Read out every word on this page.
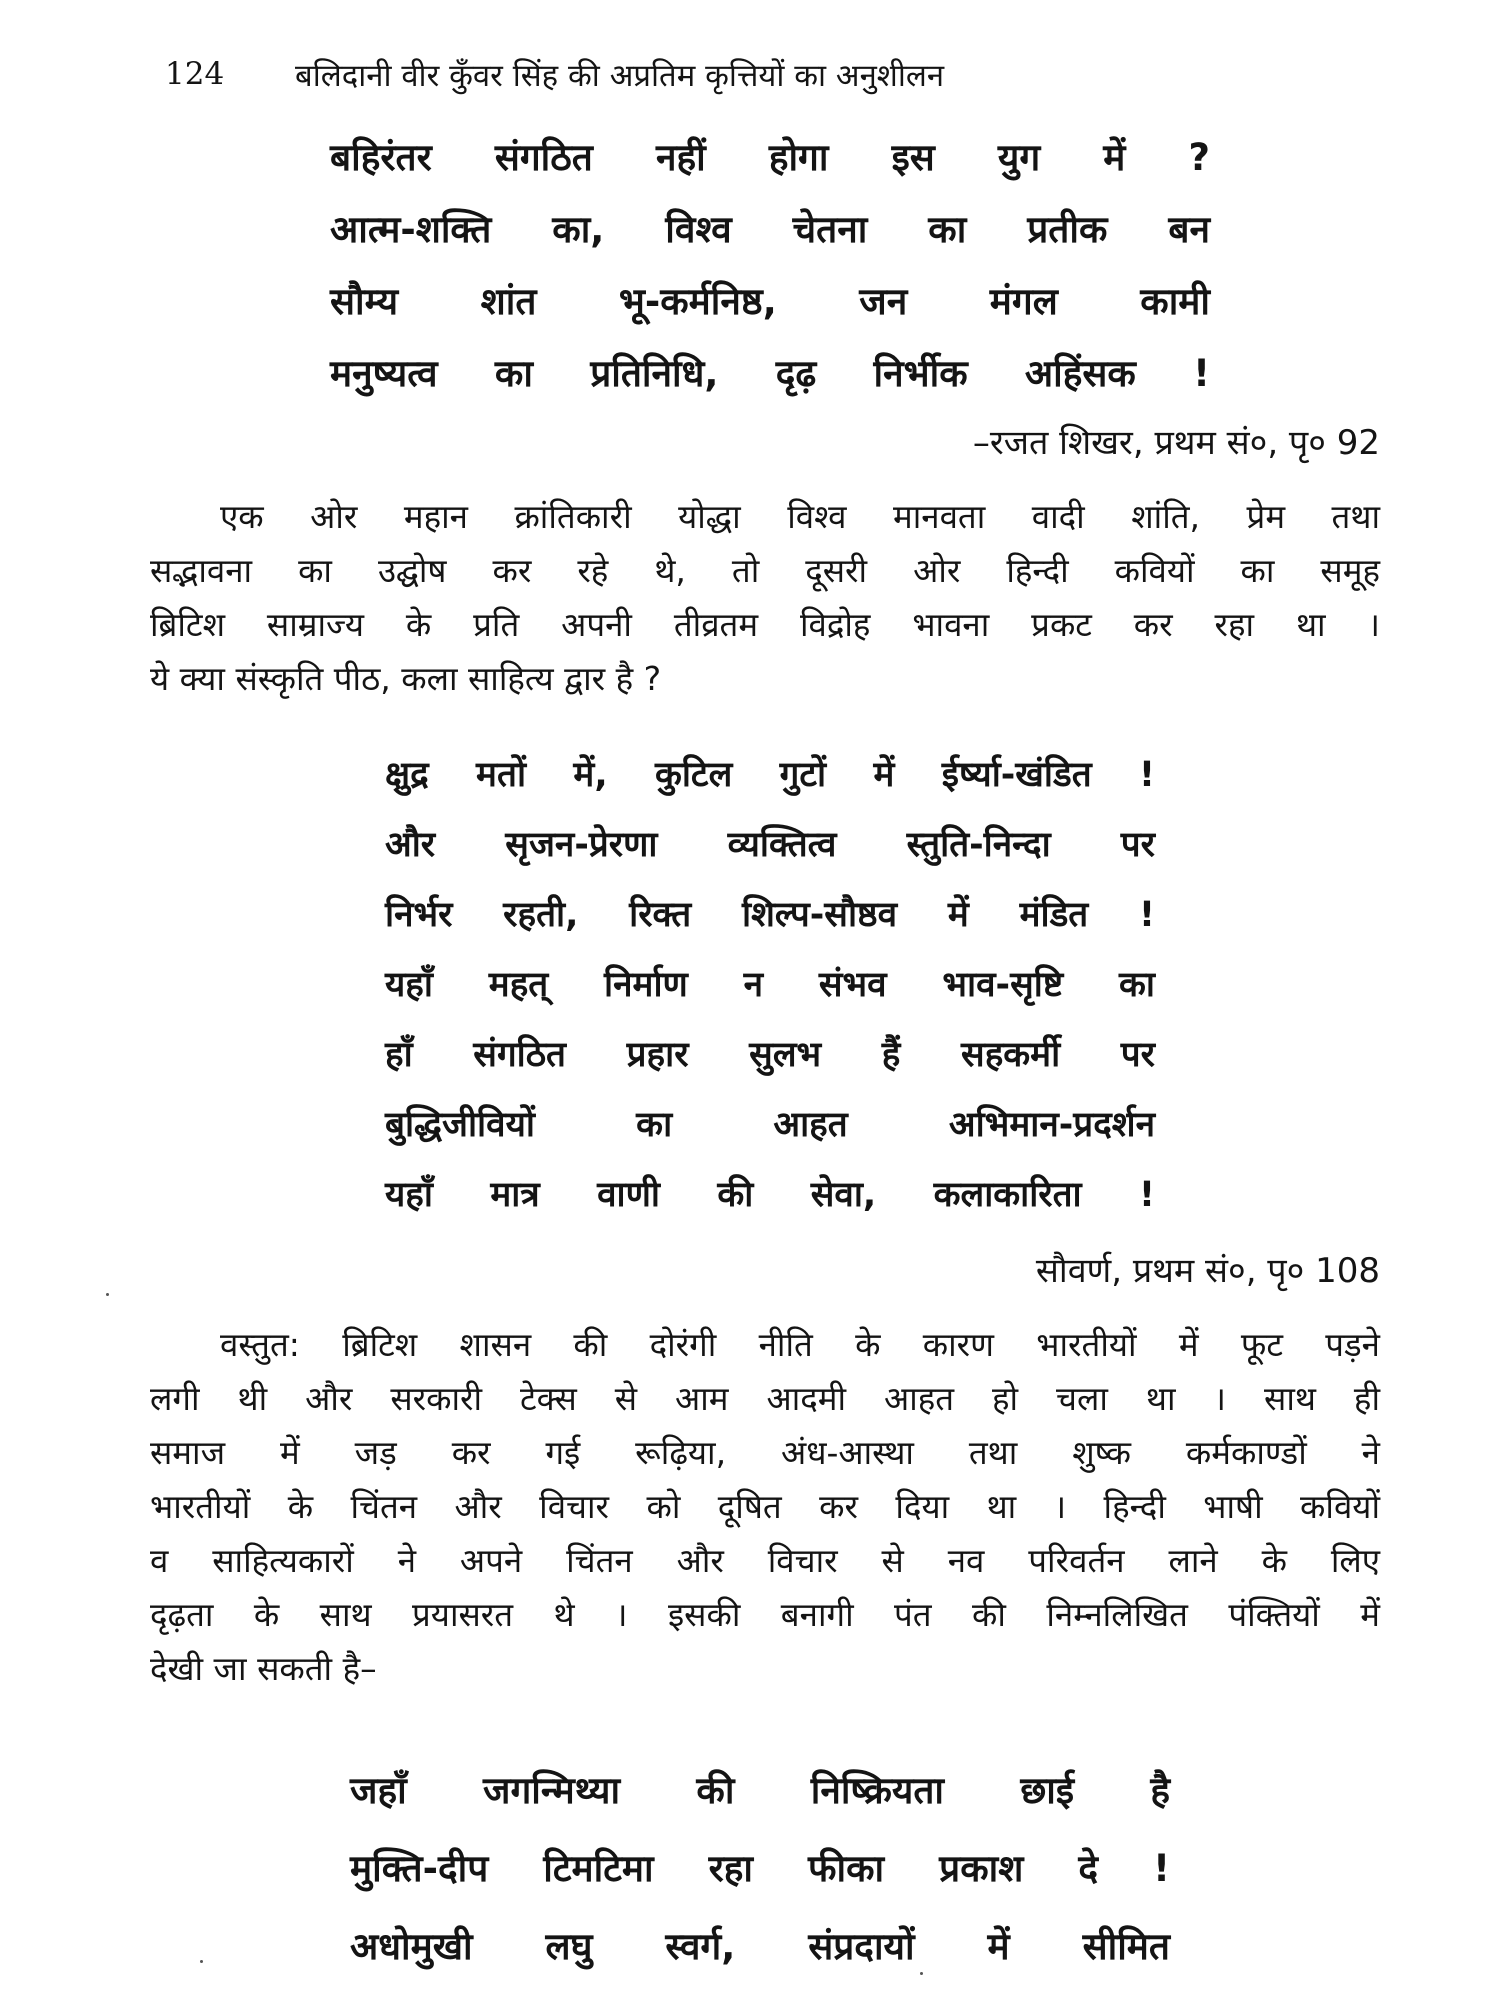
124 बलिदानी वीर कुँवर सिंह की अप्रतिम कृत्तियों का अनुशीलन
बहिरंतर संगठित नहीं होगा इस युग में ?
आत्म-शक्ति का, विश्व चेतना का प्रतीक बन
सौम्य शांत भू-कर्मनिष्ठ, जन मंगल कामी
मनुष्यत्व का प्रतिनिधि, दृढ़ निर्भीक अहिंसक !
–रजत शिखर, प्रथम सं०, पृ० 92
एक ओर महान क्रांतिकारी योद्धा विश्व मानवता वादी शांति, प्रेम तथा
सद्भावना का उद्घोष कर रहे थे, तो दूसरी ओर हिन्दी कवियों का समूह
ब्रिटिश साम्राज्य के प्रति अपनी तीव्रतम विद्रोह भावना प्रकट कर रहा था ।
ये क्या संस्कृति पीठ, कला साहित्य द्वार है ?
क्षुद्र मतों में, कुटिल गुटों में ईर्ष्या-खंडित !
और सृजन-प्रेरणा व्यक्तित्व स्तुति-निन्दा पर
निर्भर रहती, रिक्त शिल्प-सौष्ठव में मंडित !
यहाँ महत् निर्माण न संभव भाव-सृष्टि का
हाँ संगठित प्रहार सुलभ हैं सहकर्मी पर
बुद्धिजीवियों का आहत अभिमान-प्रदर्शन
यहाँ मात्र वाणी की सेवा, कलाकारिता !
सौवर्ण, प्रथम सं०, पृ० 108
वस्तुत: ब्रिटिश शासन की दोरंगी नीति के कारण भारतीयों में फूट पड़ने
लगी थी और सरकारी टेक्स से आम आदमी आहत हो चला था । साथ ही
समाज में जड़ कर गई रूढ़िया, अंध-आस्था तथा शुष्क कर्मकाण्डों ने
भारतीयों के चिंतन और विचार को दूषित कर दिया था । हिन्दी भाषी कवियों
व साहित्यकारों ने अपने चिंतन और विचार से नव परिवर्तन लाने के लिए
दृढ़ता के साथ प्रयासरत थे । इसकी बनागी पंत की निम्नलिखित पंक्तियों में
देखी जा सकती है–
जहाँ जगन्मिथ्या की निष्क्रियता छाई है
मुक्ति-दीप टिमटिमा रहा फीका प्रकाश दे !
अधोमुखी लघु स्वर्ग, संप्रदायों में सीमित
